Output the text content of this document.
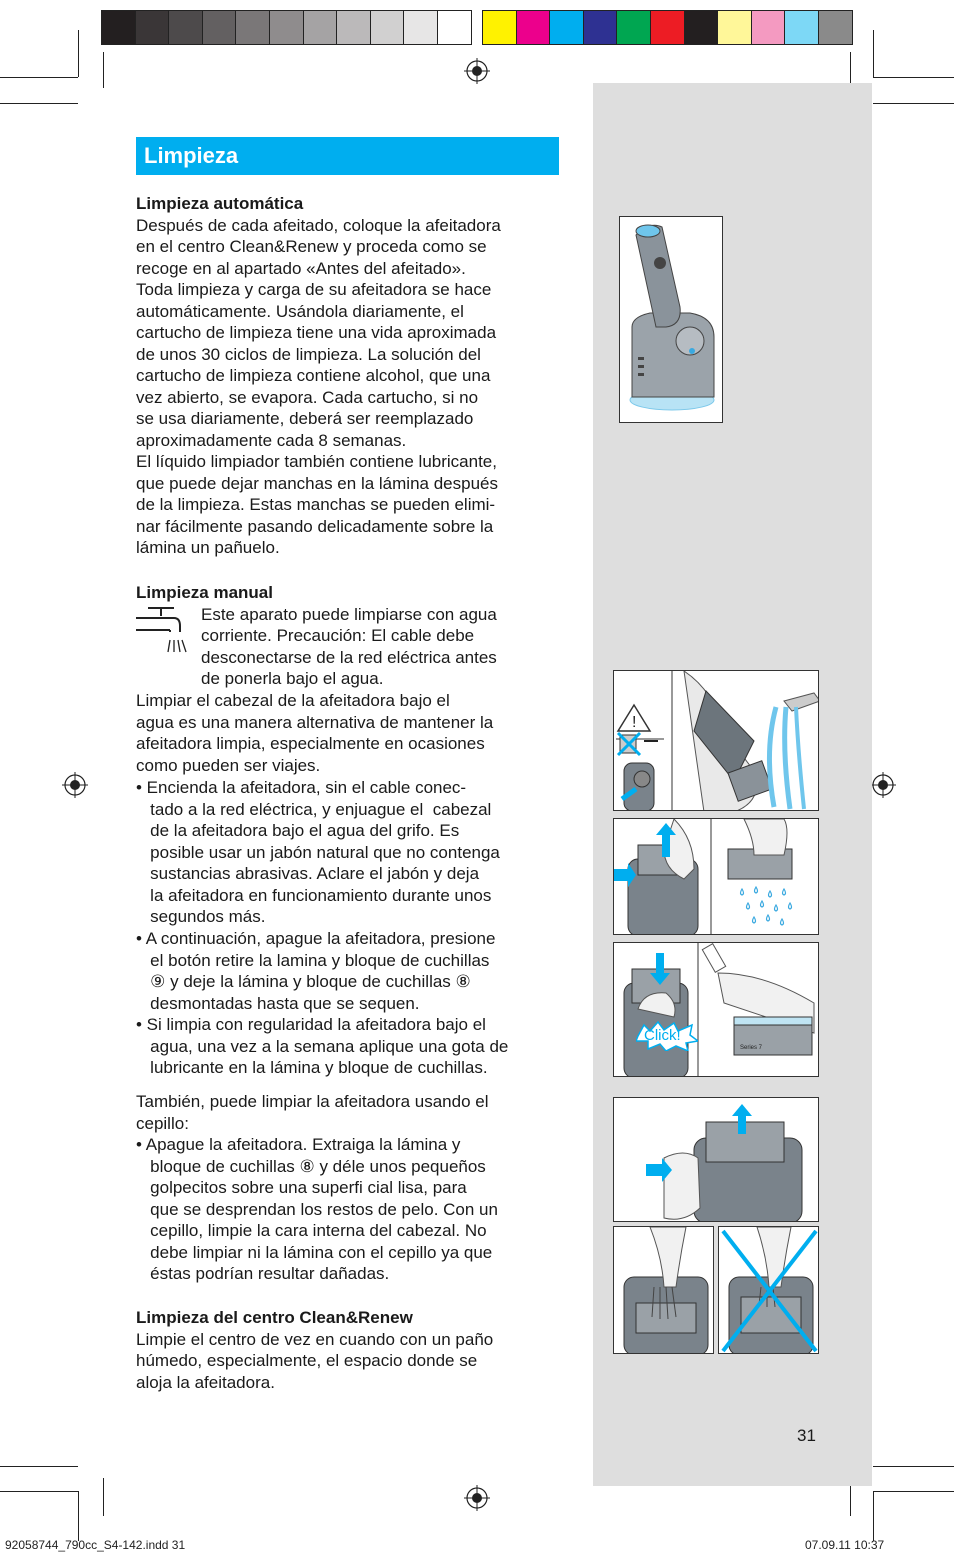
Limpieza
Limpieza automática
Después de cada afeitado, coloque la afeitadora
en el centro Clean&Renew y proceda como se
recoge en al apartado «Antes del afeitado».
Toda limpieza y carga de su afeitadora se hace
automáticamente. Usándola diariamente, el
cartucho de limpieza tiene una vida aproximada
de unos 30 ciclos de limpieza. La solución del
cartucho de limpieza contiene alcohol, que una
vez abierto, se evapora. Cada cartucho, si no
se usa diariamente, deberá ser reemplazado
aproximadamente cada 8 semanas.
El líquido limpiador también contiene lubricante,
que puede dejar manchas en la lámina después
de la limpieza. Estas manchas se pueden elimi-
nar fácilmente pasando delicadamente sobre la
lámina un pañuelo.
Limpieza manual
Este aparato puede limpiarse con agua
corriente. Precaución: El cable debe
desconectarse de la red eléctrica antes
de ponerla bajo el agua.
Limpiar el cabezal de la afeitadora bajo el
agua es una manera alternativa de mantener la
afeitadora limpia, especialmente en ocasiones
como pueden ser viajes.
• Encienda la afeitadora, sin el cable conec-
tado a la red eléctrica, y enjuague el  cabezal
de la afeitadora bajo el agua del grifo. Es
posible usar un jabón natural que no contenga
sustancias abrasivas. Aclare el jabón y deja
la afeitadora en funcionamiento durante unos
segundos más.
• A continuación, apague la afeitadora, presione
el botón retire la lamina y bloque de cuchillas
⑨ y deje la lámina y bloque de cuchillas ⑧
desmontadas hasta que se sequen.
• Si limpia con regularidad la afeitadora bajo el
agua, una vez a la semana aplique una gota de
lubricante en la lámina y bloque de cuchillas.
También, puede limpiar la afeitadora usando el
cepillo:
• Apague la afeitadora. Extraiga la lámina y
bloque de cuchillas ⑧ y déle unos pequeños
golpecitos sobre una superfi cial lisa, para
que se desprendan los restos de pelo. Con un
cepillo, limpie la cara interna del cabezal. No
debe limpiar ni la lámina con el cepillo ya que
éstas podrían resultar dañadas.
Limpieza del centro Clean&Renew
Limpie el centro de vez en cuando con un paño
húmedo, especialmente, el espacio donde se
aloja la afeitadora.
!
Series 7
Click!
31
92058744_790cc_S4-142.indd 31	07.09.11 10:37
